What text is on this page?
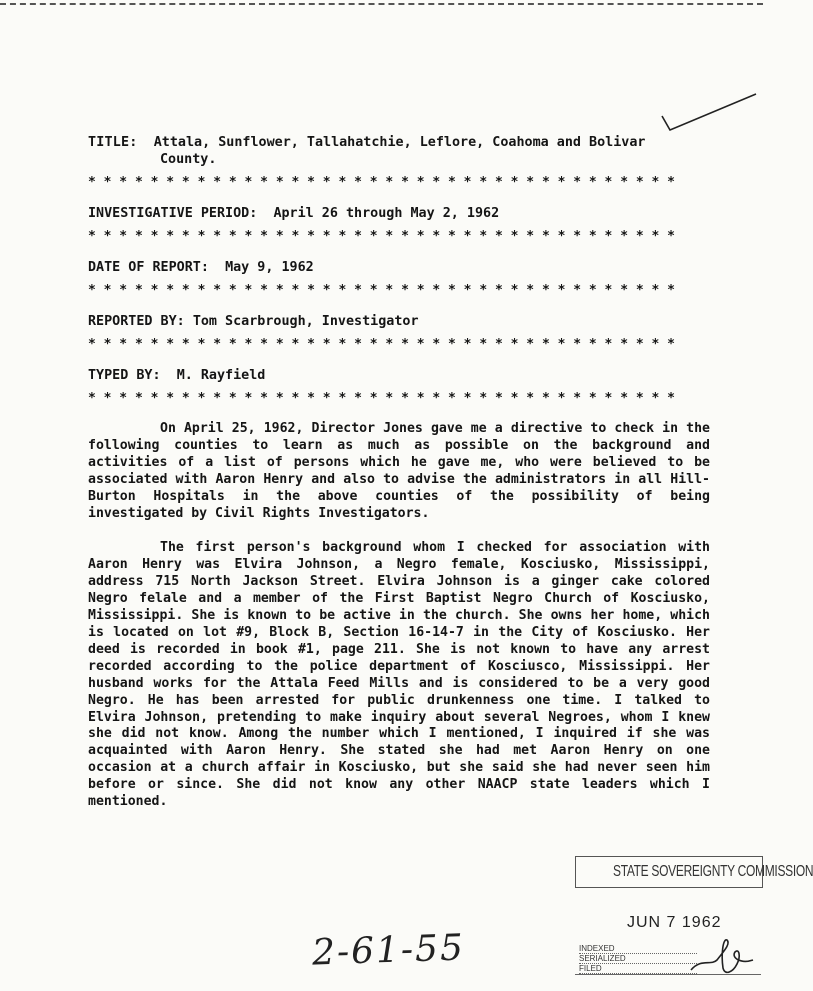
TITLE: Attala, Sunflower, Tallahatchie, Leflore, Coahoma and Bolivar

County.

* * * * * * * * * * * * * * * * * * * * * * * * * * * * * * * * * * * * * *

INVESTIGATIVE PERIOD: April 26 through May 2, 1962

* * * * * * * * * * * * * * * * * * * * * * * * * * * * * * * * * * * * * *

DATE OF REPORT: May 9, 1962

* * * * * * * * * * * * * * * * * * * * * * * * * * * * * * * * * * * * * *

REPORTED BY: Tom Scarbrough, Investigator

* * * * * * * * * * * * * * * * * * * * * * * * * * * * * * * * * * * * * *

TYPED BY: M. Rayfield

* * * * * * * * * * * * * * * * * * * * * * * * * * * * * * * * * * * * * *

On April 25, 1962, Director Jones gave me a directive to check in the following counties to learn as much as possible on the background and activities of a list of persons which he gave me, who were believed to be associated with Aaron Henry and also to advise the administrators in all Hill-Burton Hospitals in the above counties of the possibility of being investigated by Civil Rights Investigators.

The first person's background whom I checked for association with Aaron Henry was Elvira Johnson, a Negro female, Kosciusko, Mississippi, address 715 North Jackson Street. Elvira Johnson is a ginger cake colored Negro felale and a member of the First Baptist Negro Church of Kosciusko, Mississippi. She is known to be active in the church. She owns her home, which is located on lot #9, Block B, Section 16-14-7 in the City of Kosciusko. Her deed is recorded in book #1, page 211. She is not known to have any arrest recorded according to the police department of Kosciusco, Mississippi. Her husband works for the Attala Feed Mills and is considered to be a very good Negro. He has been arrested for public drunkenness one time. I talked to Elvira Johnson, pretending to make inquiry about several Negroes, whom I knew she did not know. Among the number which I mentioned, I inquired if she was acquainted with Aaron Henry. She stated she had met Aaron Henry on one occasion at a church affair in Kosciusko, but she said she had never seen him before or since. She did not know any other NAACP state leaders which I mentioned.

2-61-55
STATE SOVEREIGNTY COMMISSION
JUN 7 1962
INDEXED
SERIALIZED
FILED
